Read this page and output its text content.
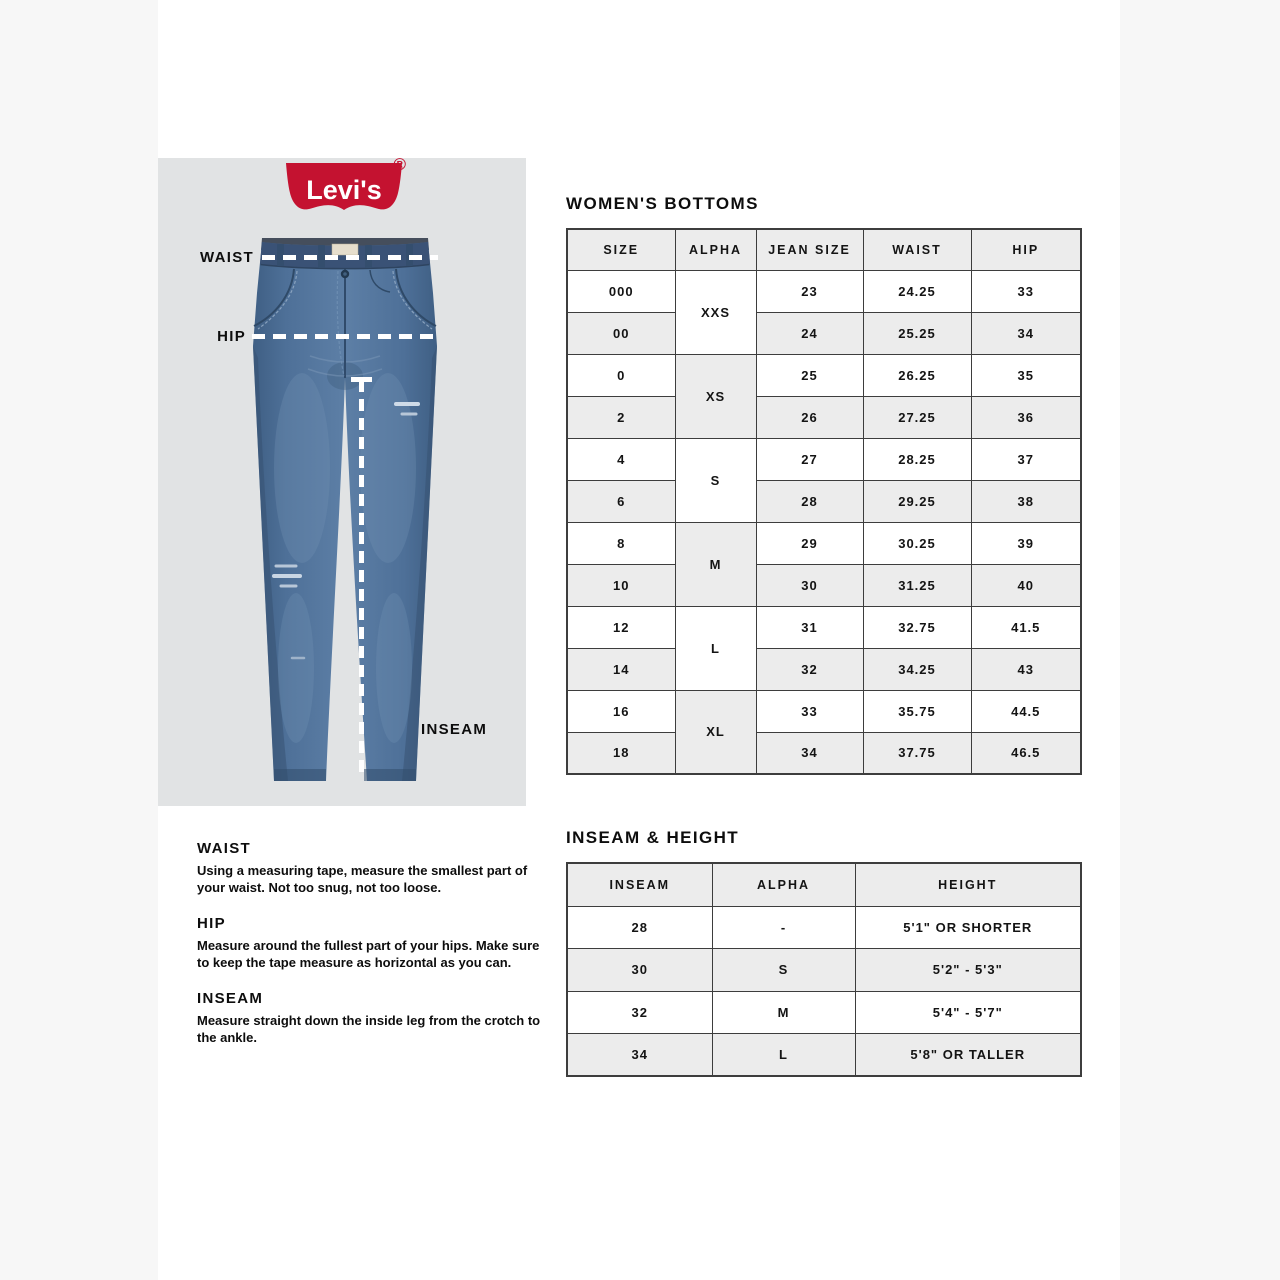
Levi's
®
WAIST
HIP
INSEAM
WOMEN'S BOTTOMS
SIZE	ALPHA	JEAN SIZE	WAIST	HIP
000	XXS	23	24.25	33
00		24	25.25	34
0	XS	25	26.25	35
2		26	27.25	36
4	S	27	28.25	37
6		28	29.25	38
8	M	29	30.25	39
10		30	31.25	40
12	L	31	32.75	41.5
14		32	34.25	43
16	XL	33	35.75	44.5
18		34	37.75	46.5
WAIST
Using a measuring tape, measure the smallest part of your waist. Not too snug, not too loose.
HIP
Measure around the fullest part of your hips. Make sure to keep the tape measure as horizontal as you can.
INSEAM
Measure straight down the inside leg from the crotch to the ankle.
INSEAM & HEIGHT
INSEAM	ALPHA	HEIGHT
28	-	5'1" OR SHORTER
30	S	5'2" - 5'3"
32	M	5'4" - 5'7"
34	L	5'8" OR TALLER
